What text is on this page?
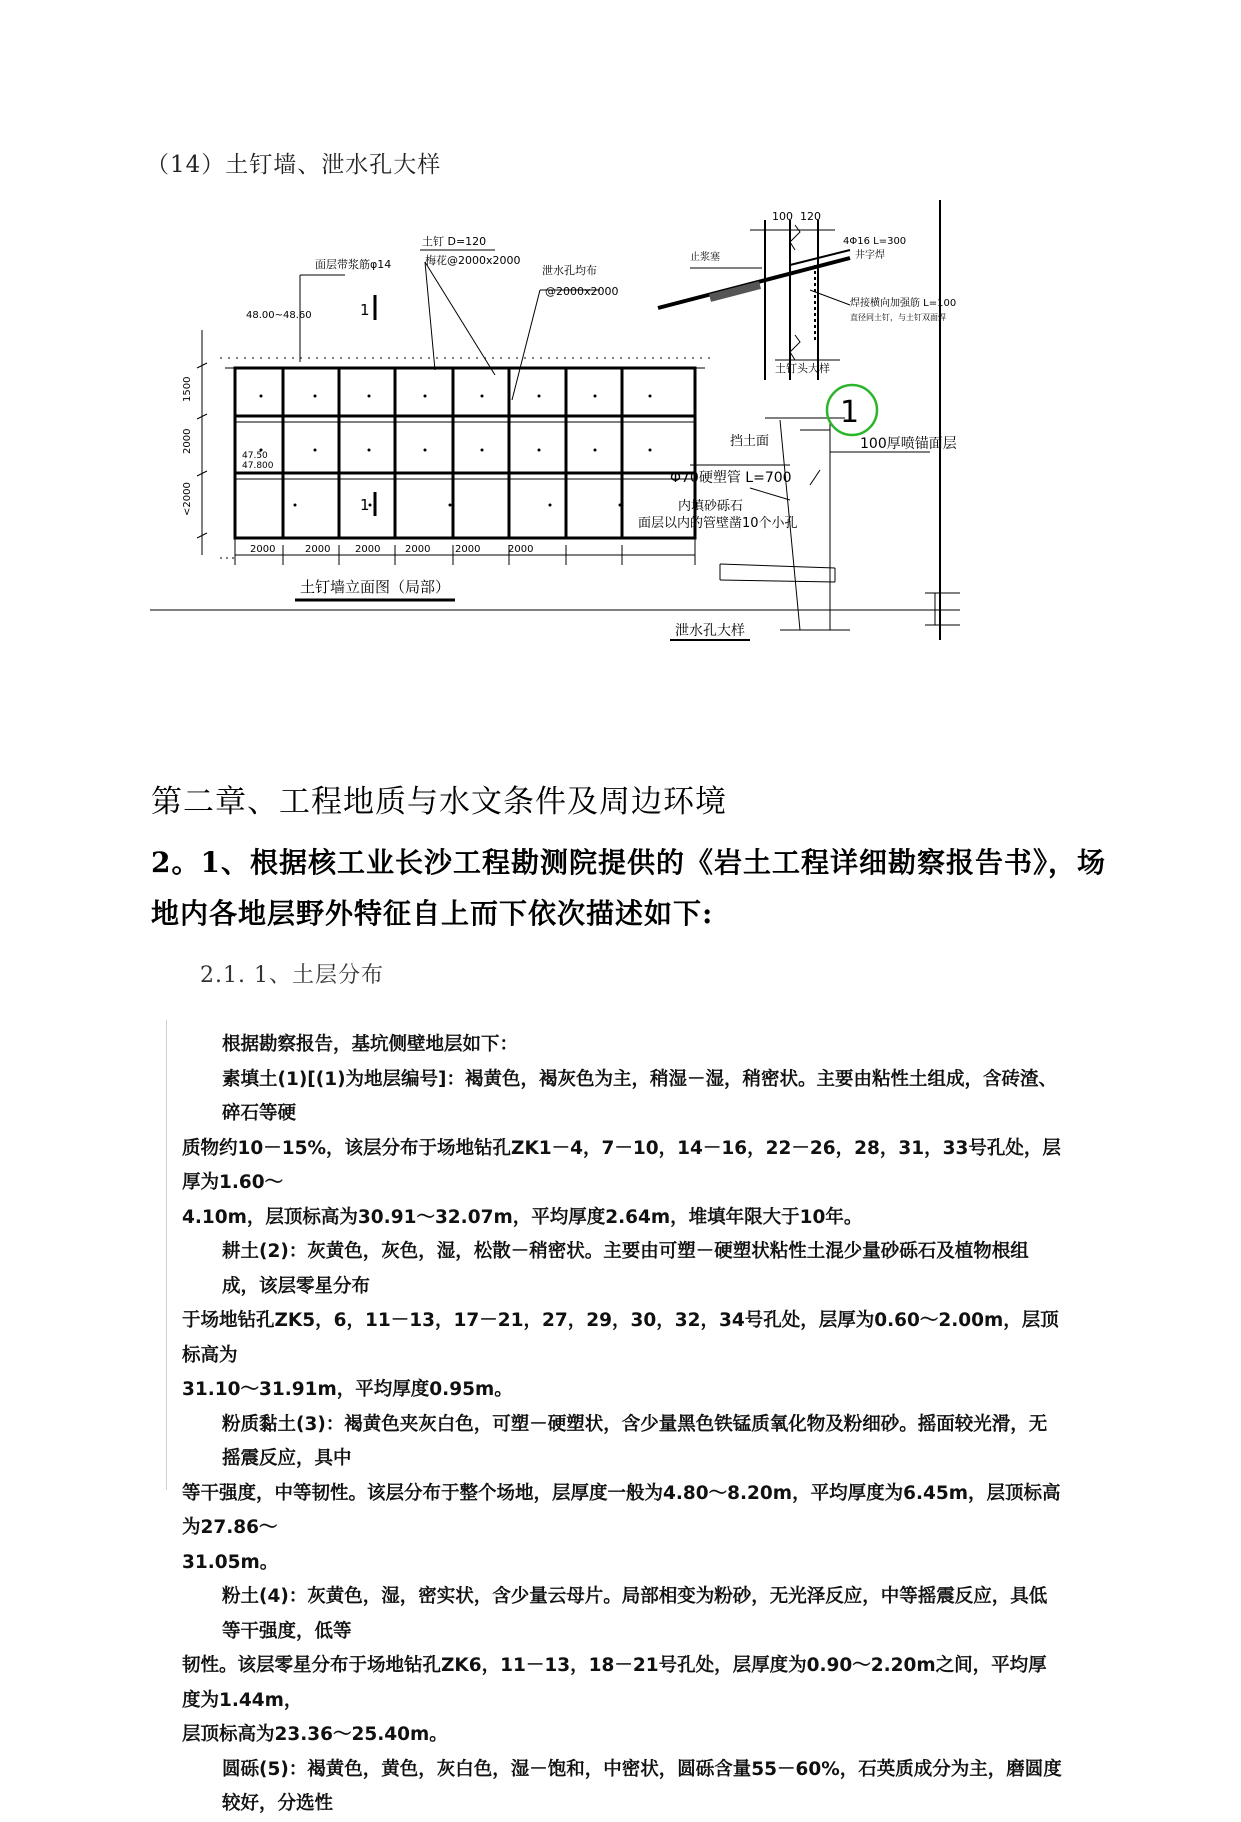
（14）土钉墙、泄水孔大样
面层带浆筋φ14
土钉 D=120
梅花@2000x2000
泄水孔均布
@2000x2000
48.00~48.60
47.50
47.800
1
1
1500
2000
<2000
2000	2000 2000 2000 2000	2000
土钉墙立面图（局部）
100 120
4Φ16 L=300
井字焊
止浆塞
焊接横向加强筋 L=100
直径同土钉，与土钉双面焊
土钉头大样
1
挡土面	100厚喷锚面层
Φ70硬塑管 L=700
内填砂砾石
面层以内的管壁凿10个小孔
泄水孔大样
第二章、工程地质与水文条件及周边环境
2。1、根据核工业长沙工程勘测院提供的《岩土工程详细勘察报告书》，场地内各地层野外特征自上而下依次描述如下:
2.1. 1、土层分布

根据勘察报告，基坑侧壁地层如下：

素填土(1)[(1)为地层编号]：褐黄色，褐灰色为主，稍湿－湿，稍密状。主要由粘性土组成，含砖渣、碎石等硬

质物约10－15%，该层分布于场地钻孔ZK1－4，7－10，14－16，22－26，28，31，33号孔处，层厚为1.60～

4.10m，层顶标高为30.91～32.07m，平均厚度2.64m，堆填年限大于10年。

耕土(2)：灰黄色，灰色，湿，松散－稍密状。主要由可塑－硬塑状粘性土混少量砂砾石及植物根组成，该层零星分布

于场地钻孔ZK5，6，11－13，17－21，27，29，30，32，34号孔处，层厚为0.60～2.00m，层顶标高为

31.10～31.91m，平均厚度0.95m。

粉质黏土(3)：褐黄色夹灰白色，可塑－硬塑状，含少量黑色铁锰质氧化物及粉细砂。摇面较光滑，无摇震反应，具中

等干强度，中等韧性。该层分布于整个场地，层厚度一般为4.80～8.20m，平均厚度为6.45m，层顶标高为27.86～

31.05m。

粉土(4)：灰黄色，湿，密实状，含少量云母片。局部相变为粉砂，无光泽反应，中等摇震反应，具低等干强度，低等

韧性。该层零星分布于场地钻孔ZK6，11－13，18－21号孔处，层厚度为0.90～2.20m之间，平均厚度为1.44m，

层顶标高为23.36～25.40m。

圆砾(5)：褐黄色，黄色，灰白色，湿－饱和，中密状，圆砾含量55－60%，石英质成分为主，磨圆度较好，分选性
